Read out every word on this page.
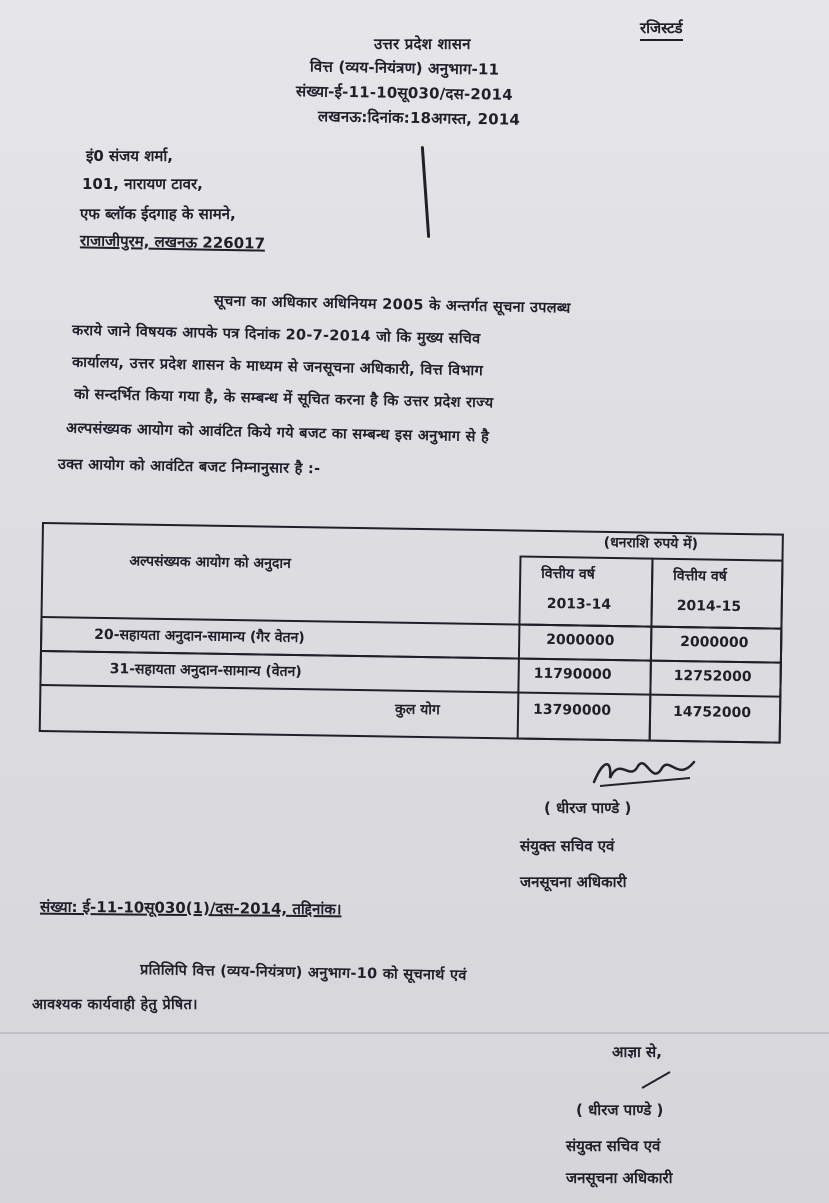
रजिस्टर्ड
उत्तर प्रदेश शासन
वित्त (व्यय-नियंत्रण) अनुभाग-11
संख्या-ई-11-10सू030/दस-2014
लखनऊ:दिनांक:18अगस्त, 2014
इं0 संजय शर्मा,
101, नारायण टावर,
एफ ब्लॉक ईदगाह के सामने,
राजाजीपुरम, लखनऊ 226017
सूचना का अधिकार अधिनियम 2005 के अन्तर्गत सूचना उपलब्ध
कराये जाने विषयक आपके पत्र दिनांक 20-7-2014 जो कि मुख्य सचिव
कार्यालय, उत्तर प्रदेश शासन के माध्यम से जनसूचना अधिकारी, वित्त विभाग
को सन्दर्भित किया गया है, के सम्बन्ध में सूचित करना है कि उत्तर प्रदेश राज्य
अल्पसंख्यक आयोग को आवंटित किये गये बजट का सम्बन्ध इस अनुभाग से है
उक्त आयोग को आवंटित बजट निम्नानुसार है :-
(धनराशि रुपये में)
अल्पसंख्यक आयोग को अनुदान
वित्तीय वर्ष
2013-14
वित्तीय वर्ष
2014-15
20-सहायता अनुदान-सामान्य (गैर वेतन)	2000000	2000000
31-सहायता अनुदान-सामान्य (वेतन)	11790000	12752000
कुल योग	13790000	14752000
( धीरज पाण्डे )
संयुक्त सचिव एवं
जनसूचना अधिकारी
संख्या: ई-11-10सू030(1)/दस-2014, तद्दिनांक।
प्रतिलिपि वित्त (व्यय-नियंत्रण) अनुभाग-10 को सूचनार्थ एवं
आवश्यक कार्यवाही हेतु प्रेषित।
आज्ञा से,
( धीरज पाण्डे )
संयुक्त सचिव एवं
जनसूचना अधिकारी
